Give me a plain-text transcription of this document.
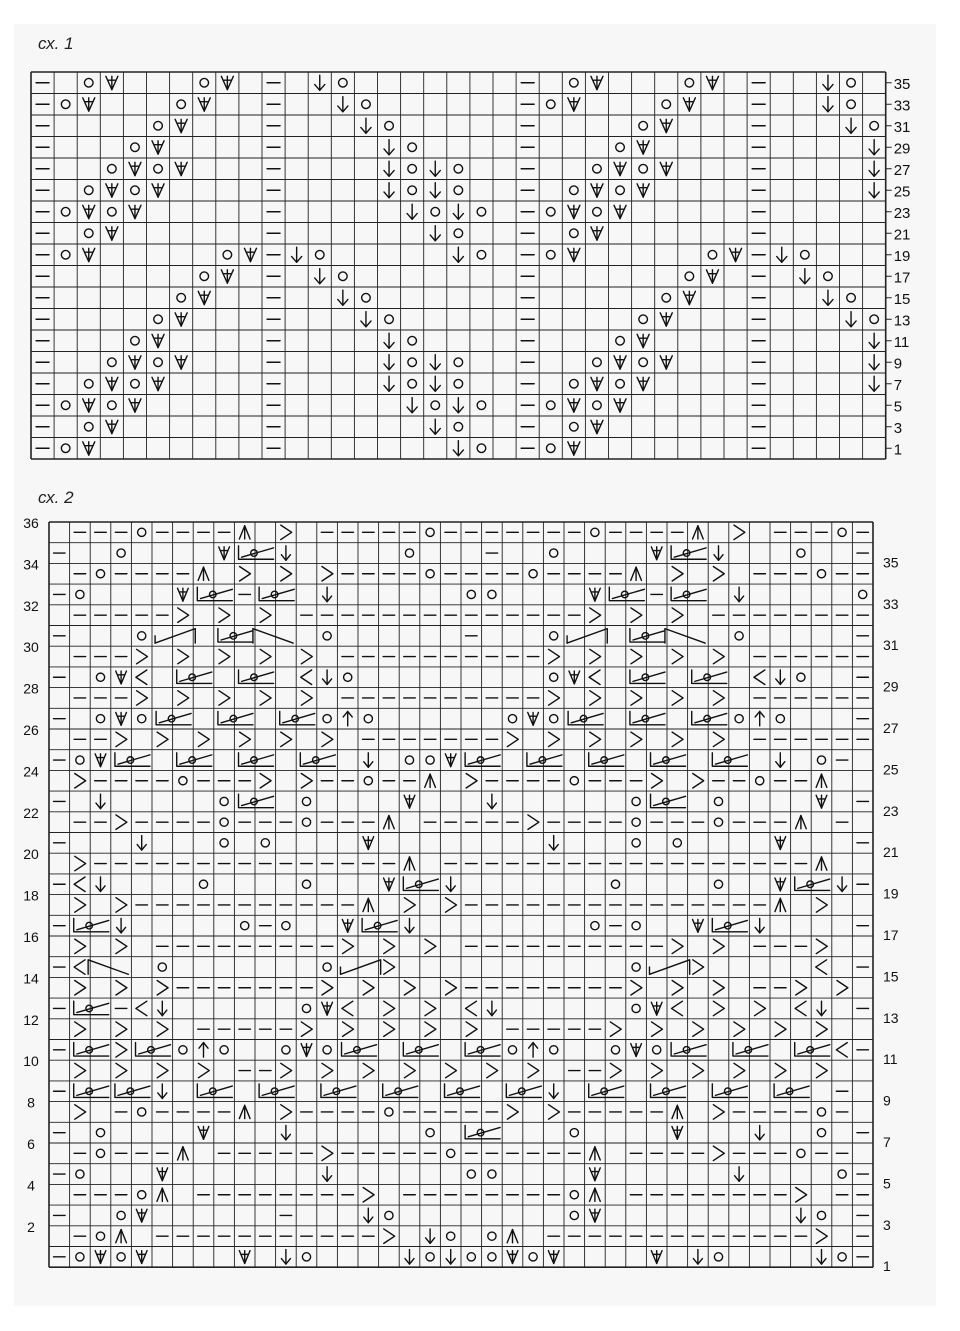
сх. 1
35
33
31
29
27
25
23
21
19
17
15
13
11
9
7
5
3
1
сх. 2
36
34
32
30
28
26
24
22
20
18
16
14
12
10
8
6
4
2
35
33
31
29
27
25
23
21
19
17
15
13
11
9
7
5
3
1
